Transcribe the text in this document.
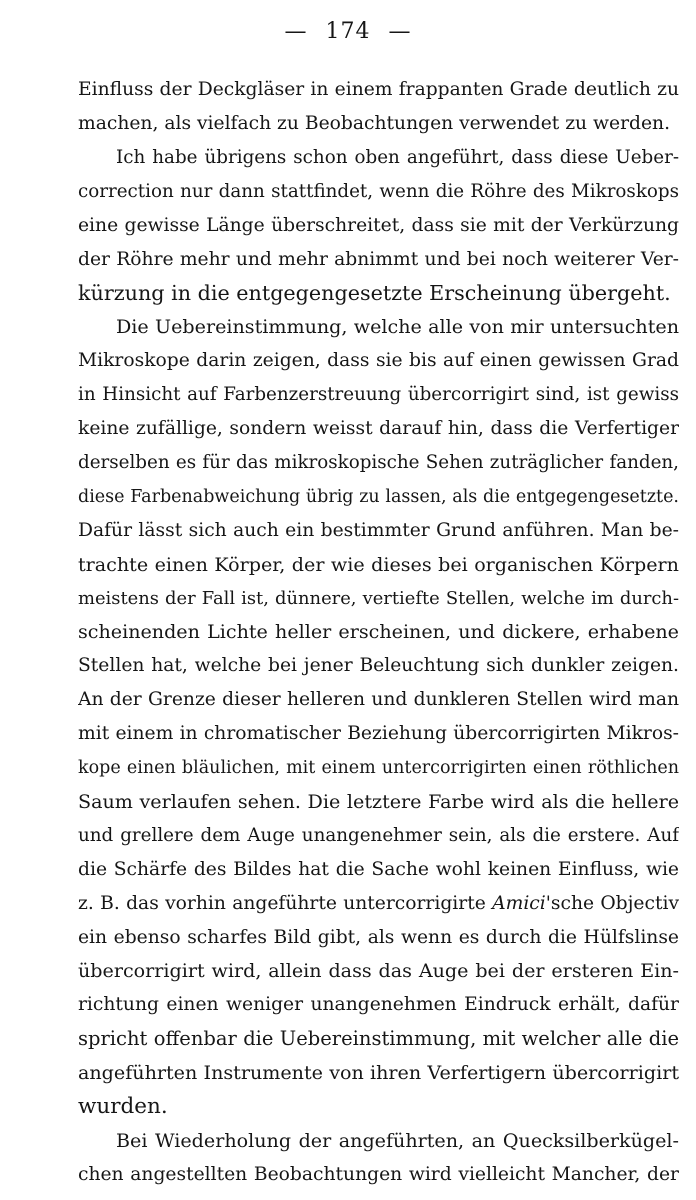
— 174 —
Einfluss der Deckgläser in einem frappanten Grade deutlich zu
machen, als vielfach zu Beobachtungen verwendet zu werden.
Ich habe übrigens schon oben angeführt, dass diese Ueber-
correction nur dann stattfindet, wenn die Röhre des Mikroskops
eine gewisse Länge überschreitet, dass sie mit der Verkürzung
der Röhre mehr und mehr abnimmt und bei noch weiterer Ver-
kürzung in die entgegengesetzte Erscheinung übergeht.
Die Uebereinstimmung, welche alle von mir untersuchten
Mikroskope darin zeigen, dass sie bis auf einen gewissen Grad
in Hinsicht auf Farbenzerstreuung übercorrigirt sind, ist gewiss
keine zufällige, sondern weisst darauf hin, dass die Verfertiger
derselben es für das mikroskopische Sehen zuträglicher fanden,
diese Farbenabweichung übrig zu lassen, als die entgegengesetzte.
Dafür lässt sich auch ein bestimmter Grund anführen. Man be-
trachte einen Körper, der wie dieses bei organischen Körpern
meistens der Fall ist, dünnere, vertiefte Stellen, welche im durch-
scheinenden Lichte heller erscheinen, und dickere, erhabene
Stellen hat, welche bei jener Beleuchtung sich dunkler zeigen.
An der Grenze dieser helleren und dunkleren Stellen wird man
mit einem in chromatischer Beziehung übercorrigirten Mikros-
kope einen bläulichen, mit einem untercorrigirten einen röthlichen
Saum verlaufen sehen. Die letztere Farbe wird als die hellere
und grellere dem Auge unangenehmer sein, als die erstere. Auf
die Schärfe des Bildes hat die Sache wohl keinen Einfluss, wie
z. B. das vorhin angeführte untercorrigirte Amici'sche Objectiv
ein ebenso scharfes Bild gibt, als wenn es durch die Hülfslinse
übercorrigirt wird, allein dass das Auge bei der ersteren Ein-
richtung einen weniger unangenehmen Eindruck erhält, dafür
spricht offenbar die Uebereinstimmung, mit welcher alle die
angeführten Instrumente von ihren Verfertigern übercorrigirt
wurden.
Bei Wiederholung der angeführten, an Quecksilberkügel-
chen angestellten Beobachtungen wird vielleicht Mancher, der
